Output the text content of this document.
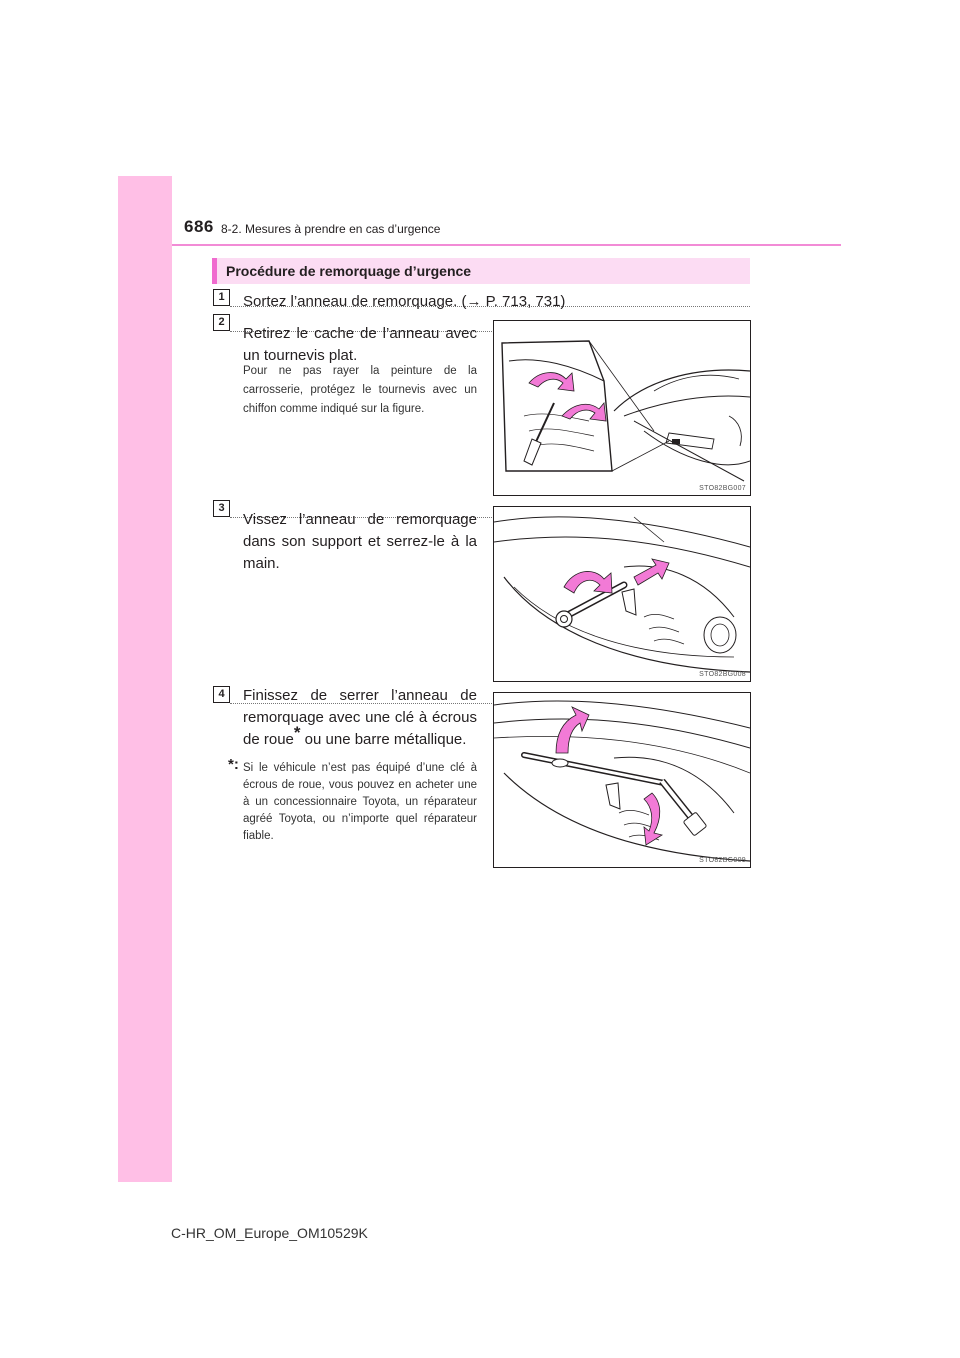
686 8-2. Mesures à prendre en cas d’urgence
Procédure de remorquage d’urgence
1	Sortez l’anneau de remorquage. (→ P. 713, 731)
2
Retirez le cache de l’anneau avec un tournevis plat.
Pour ne pas rayer la peinture de la carrosserie, protégez le tournevis avec un chiffon comme indiqué sur la figure.
STO82BG007
3
Vissez l’anneau de remorquage dans son support et serrez-le à la main.
STO82BG008
4	Finissez de serrer l’anneau de remorquage avec une clé à écrous de roue* ou une barre métallique.
*: Si le véhicule n’est pas équipé d’une clé à écrous de roue, vous pouvez en acheter une à un concessionnaire Toyota, un réparateur agréé Toyota, ou n’importe quel réparateur fiable.
STO82BG009
C-HR_OM_Europe_OM10529K
